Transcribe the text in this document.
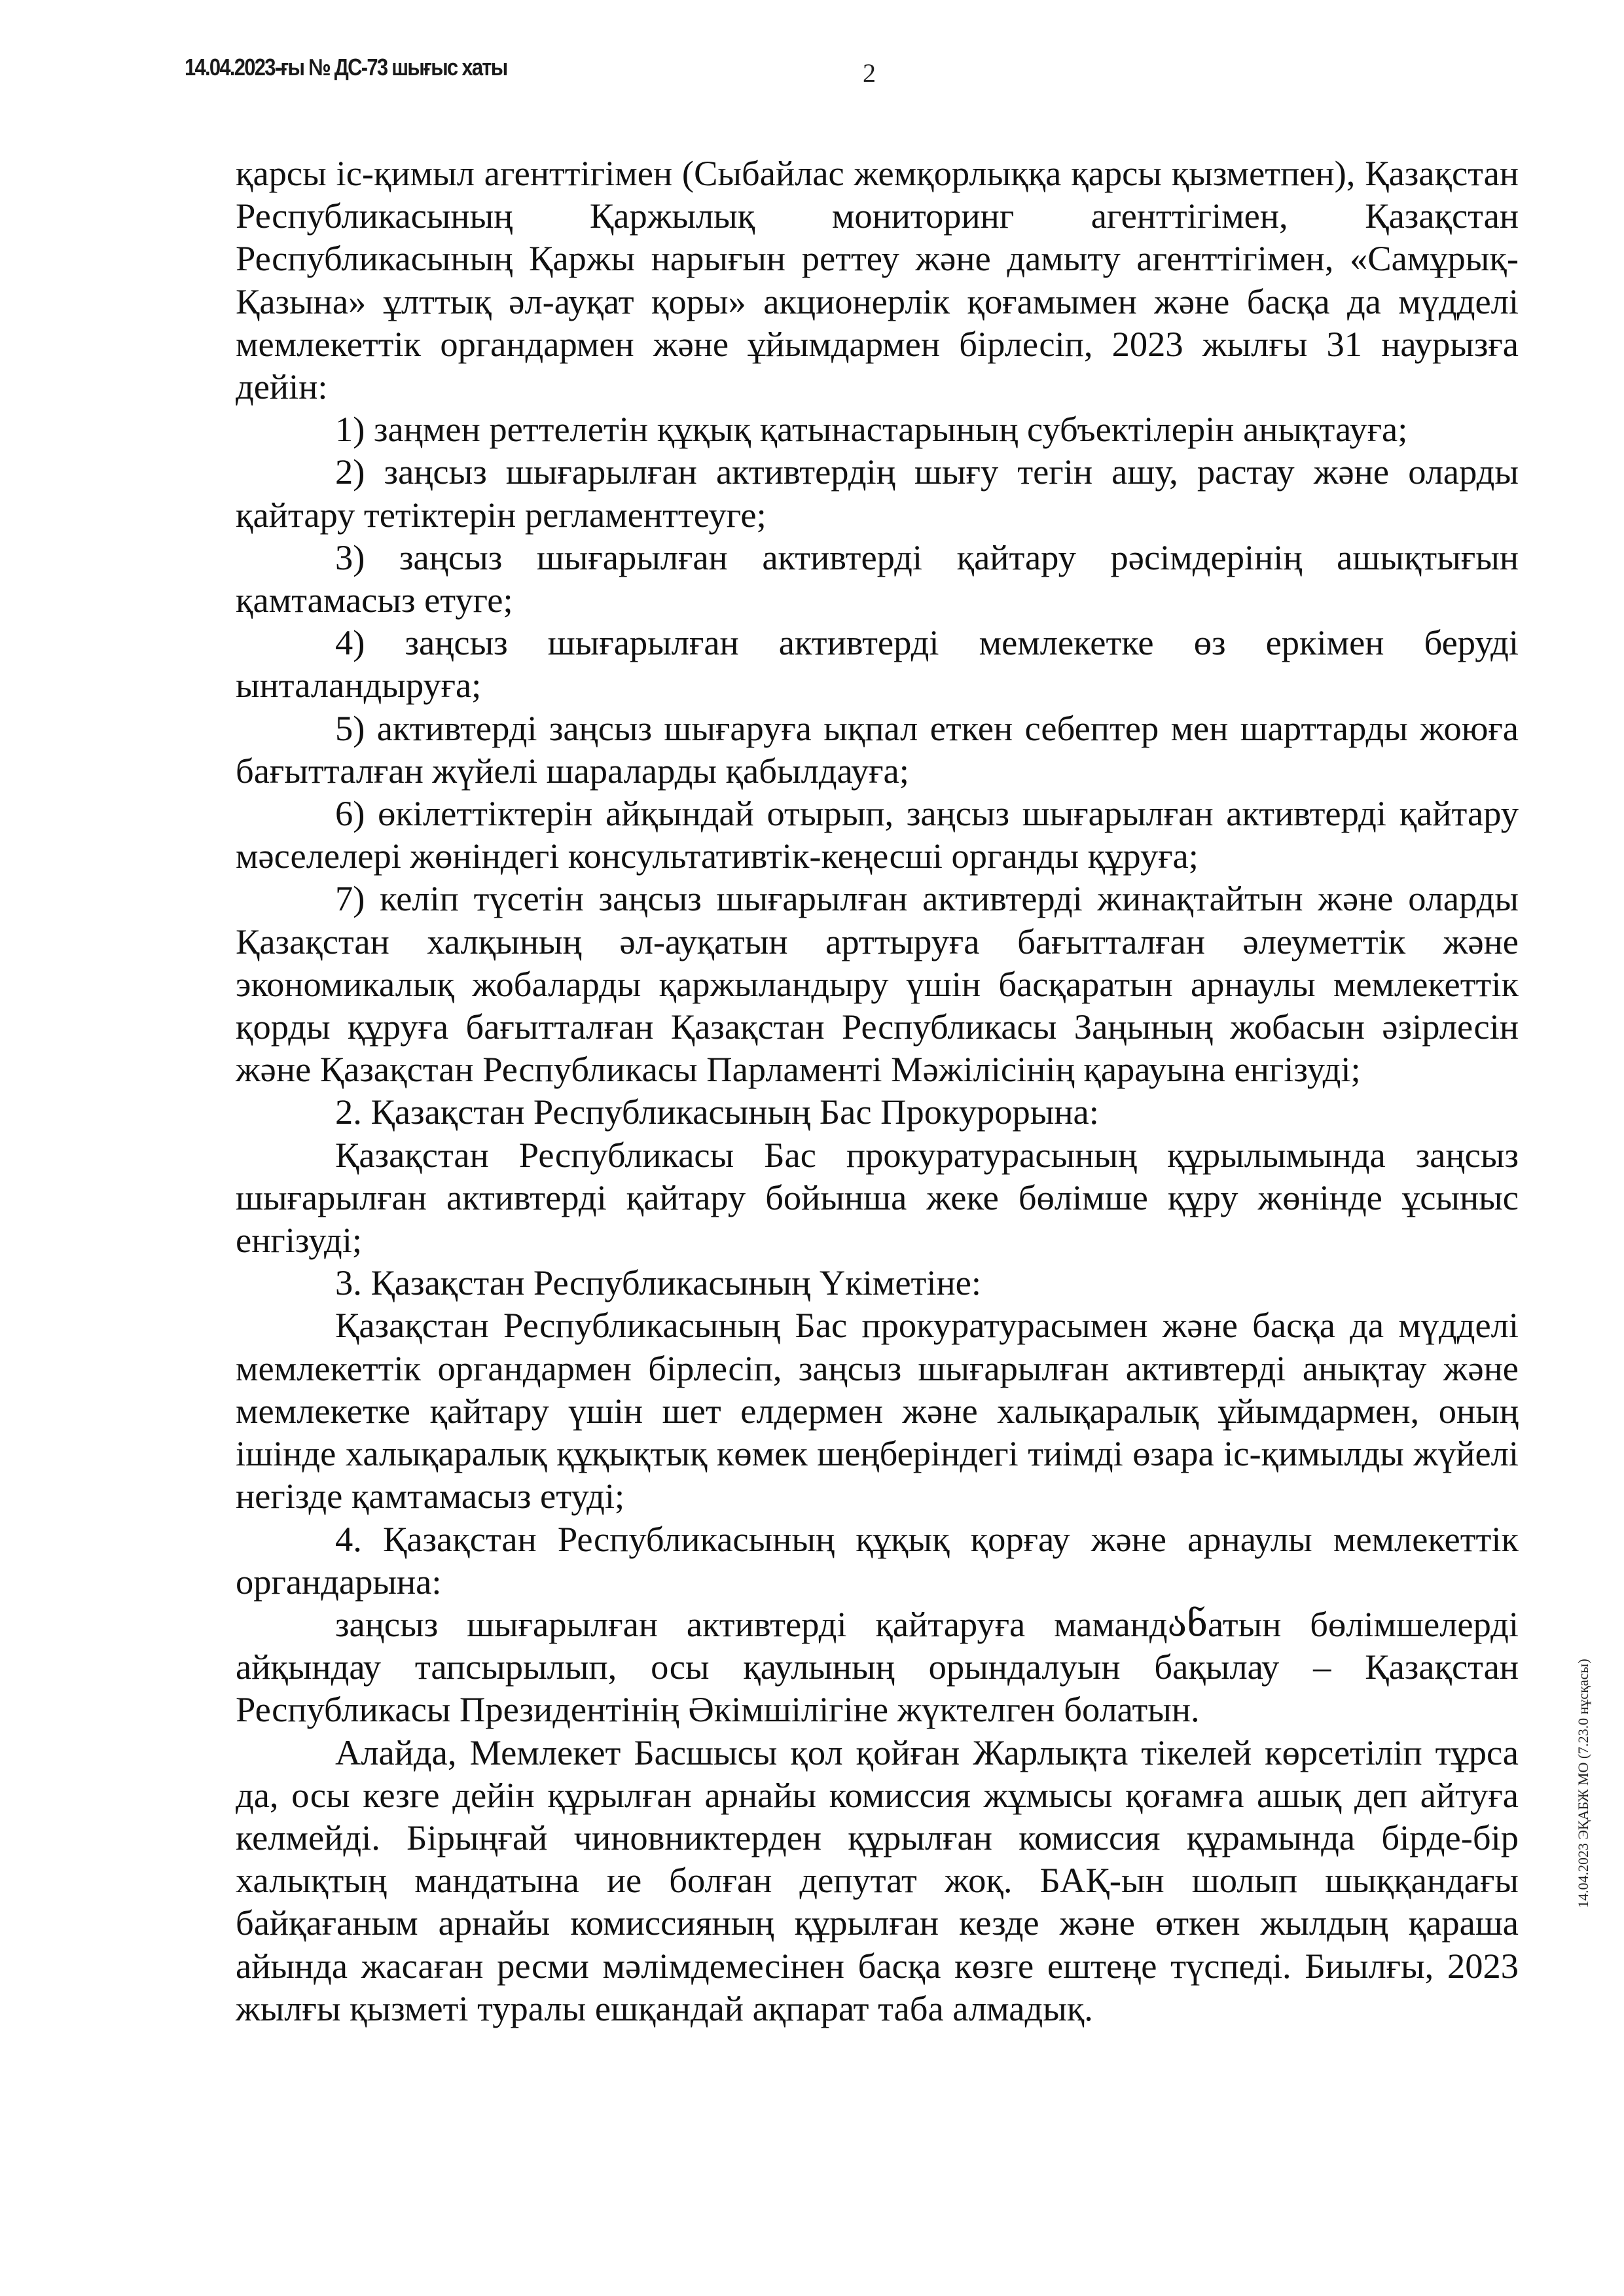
14.04.2023-ғы № ДС-73 шығыс хаты	2
14.04.2023 ЭҚАБЖ МО (7.23.0 нұсқасы)

қарсы іс-қимыл агенттігімен (Сыбайлас жемқорлыққа қарсы қызметпен), Қазақстан Республикасының Қаржылық мониторинг агенттігімен, Қазақстан Республикасының Қаржы нарығын реттеу және дамыту агенттігімен, «Самұрық-Қазына» ұлттық әл-ауқат қоры» акционерлік қоғамымен және басқа да мүдделі мемлекеттік органдармен және ұйымдармен бірлесіп, 2023 жылғы 31 наурызға дейін:

1) заңмен реттелетін құқық қатынастарының субъектілерін анықтауға;

2) заңсыз шығарылған активтердің шығу тегін ашу, растау және оларды қайтару тетіктерін регламенттеуге;

3) заңсыз шығарылған активтерді қайтару рәсімдерінің ашықтығын қамтамасыз етуге;

4) заңсыз шығарылған активтерді мемлекетке өз еркімен беруді ынталандыруға;

5) активтерді заңсыз шығаруға ықпал еткен себептер мен шарттарды жоюға бағытталған жүйелі шараларды қабылдауға;

6) өкілеттіктерін айқындай отырып, заңсыз шығарылған активтерді қайтару мәселелері жөніндегі консультативтік-кеңесші органды құруға;

7) келіп түсетін заңсыз шығарылған активтерді жинақтайтын және оларды Қазақстан халқының әл-ауқатын арттыруға бағытталған әлеуметтік және экономикалық жобаларды қаржыландыру үшін басқаратын арнаулы мемлекеттік қорды құруға бағытталған Қазақстан Республикасы Заңының жобасын әзірлесін және Қазақстан Республикасы Парламенті Мәжілісінің қарауына енгізуді;

2. Қазақстан Республикасының Бас Прокурорына:

Қазақстан Республикасы Бас прокуратурасының құрылымында заңсыз шығарылған активтерді қайтару бойынша жеке бөлімше құру жөнінде ұсыныс енгізуді;

3. Қазақстан Республикасының Үкіметіне:

Қазақстан Республикасының Бас прокуратурасымен және басқа да мүдделі мемлекеттік органдармен бірлесіп, заңсыз шығарылған активтерді анықтау және мемлекетке қайтару үшін шет елдермен және халықаралық ұйымдармен, оның ішінде халықаралық құқықтық көмек шеңберіндегі тиімді өзара іс-қимылды жүйелі негізде қамтамасыз етуді;

4. Қазақстан Республикасының құқық қорғау және арнаулы мемлекеттік органдарына:

заңсыз шығарылған активтерді қайтаруға мамандანатын бөлімшелерді айқындау тапсырылып, осы қаулының орындалуын бақылау – Қазақстан Республикасы Президентінің Әкімшілігіне жүктелген болатын.

Алайда, Мемлекет Басшысы қол қойған Жарлықта тікелей көрсетіліп тұрса да, осы кезге дейін құрылған арнайы комиссия жұмысы қоғамға ашық деп айтуға келмейді. Бірыңғай чиновниктерден құрылған комиссия құрамында бірде-бір халықтың мандатына ие болған депутат жоқ. БАҚ-ын шолып шыққандағы байқағаным арнайы комиссияның құрылған кезде және өткен жылдың қараша айында жасаған ресми мәлімдемесінен басқа көзге ештеңе түспеді. Биылғы, 2023 жылғы қызметі туралы ешқандай ақпарат таба алмадық.
